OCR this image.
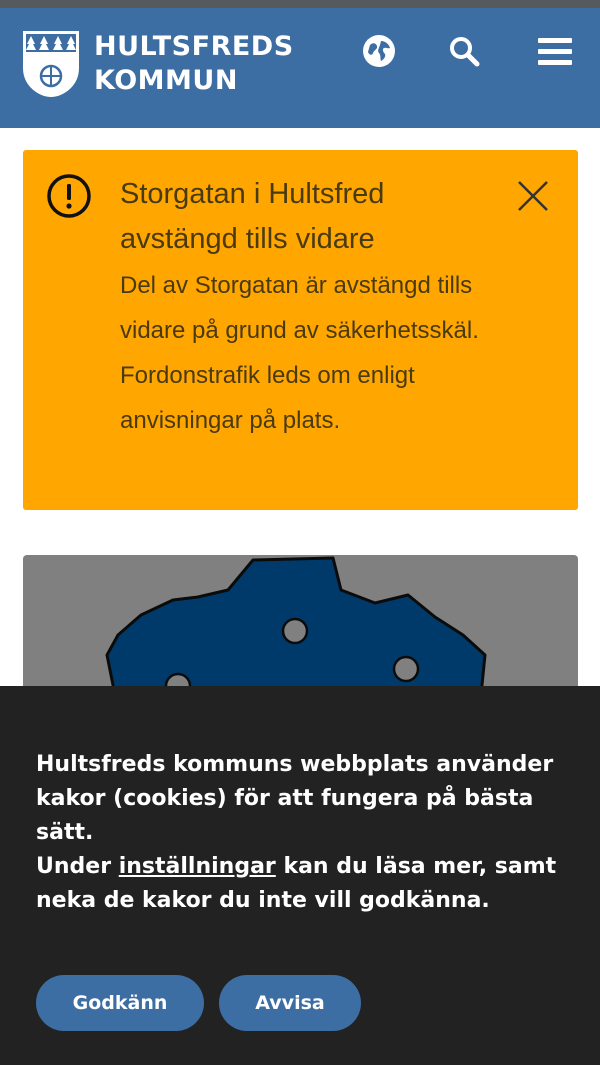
HULTSFREDS
KOMMUN
Storgatan i Hultsfred avstängd tills vidare
Del av Storgatan är avstängd tills vidare på grund av säkerhetsskäl. Fordonstrafik leds om enligt anvisningar på plats.
Hultsfreds kommuns webbplats använder kakor (cookies) för att fungera på bästa sätt.
Under inställningar kan du läsa mer, samt neka de kakor du inte vill godkänna.
Godkänn	Avvisa
